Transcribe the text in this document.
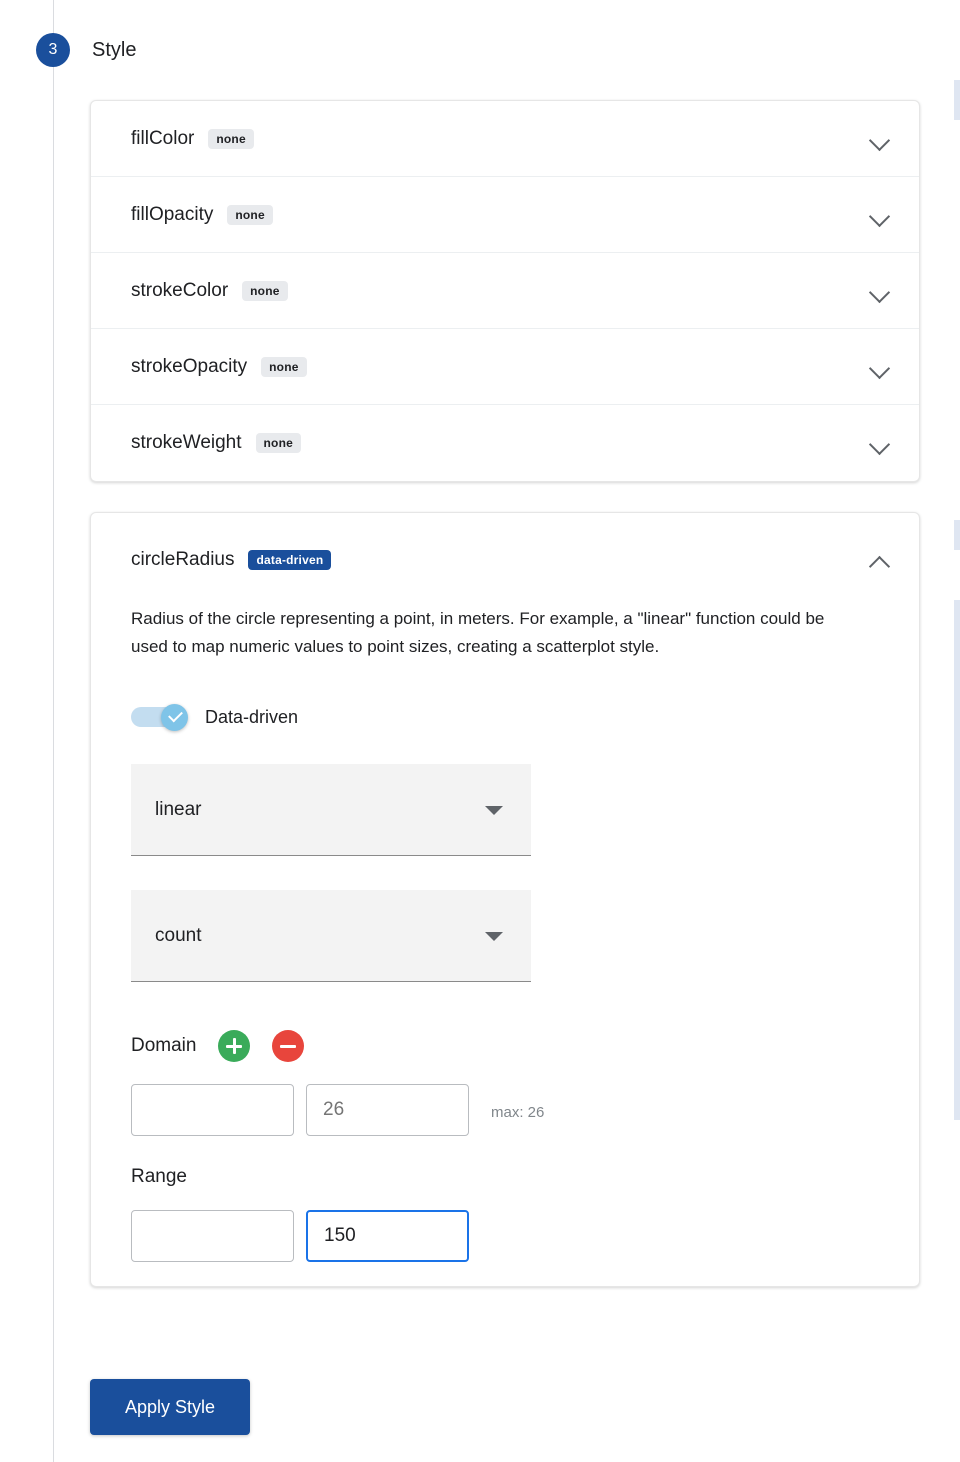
3	Style
fillColor	none
fillOpacity	none
strokeColor	none
strokeOpacity	none
strokeWeight	none
circleRadius	data-driven
Radius of the circle representing a point, in meters. For example, a "linear" function could be used to map numeric values to point sizes, creating a scatterplot style.
Data-driven
linear
count
Domain
26
max: 26
Range
150
Apply Style
